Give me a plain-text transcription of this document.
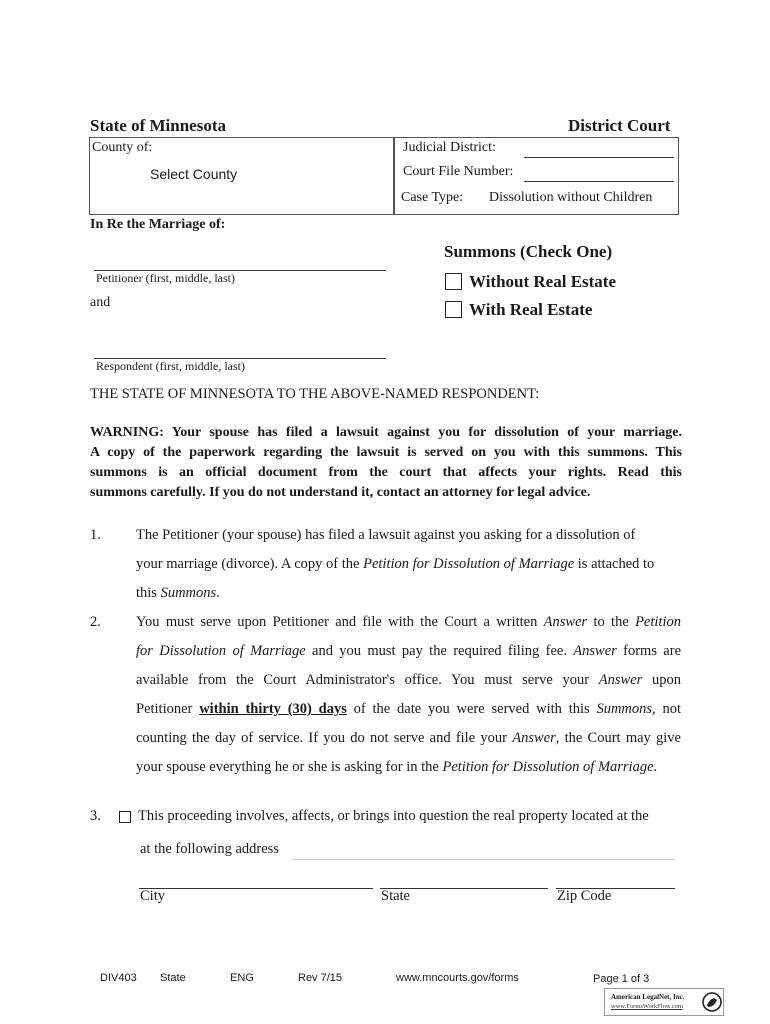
State of Minnesota	District Court
County of:
Select County
Judicial District:
Court File Number:
Case Type: Dissolution without Children
In Re the Marriage of:
Petitioner (first, middle, last)
and
Respondent (first, middle, last)
Summons (Check One)
Without Real Estate
With Real Estate
THE STATE OF MINNESOTA TO THE ABOVE-NAMED RESPONDENT:
WARNING: Your spouse has filed a lawsuit against you for dissolution of your marriage.
A copy of the paperwork regarding the lawsuit is served on you with this summons. This
summons is an official document from the court that affects your rights. Read this
summons carefully. If you do not understand it, contact an attorney for legal advice.
1. The Petitioner (your spouse) has filed a lawsuit against you asking for a dissolution of
your marriage (divorce). A copy of the Petition for Dissolution of Marriage is attached to
this Summons.
2. You must serve upon Petitioner and file with the Court a written Answer to the Petition
for Dissolution of Marriage and you must pay the required filing fee. Answer forms are
available from the Court Administrator's office. You must serve your Answer upon
Petitioner within thirty (30) days of the date you were served with this Summons, not
counting the day of service. If you do not serve and file your Answer, the Court may give
your spouse everything he or she is asking for in the Petition for Dissolution of Marriage.
3.	This proceeding involves, affects, or brings into question the real property located at the
at the following address
City	State	Zip Code
DIV403 State	ENG	Rev 7/15	www.mncourts.gov/forms	Page 1 of 3
American LegalNet, Inc.
www.FormsWorkFlow.com
